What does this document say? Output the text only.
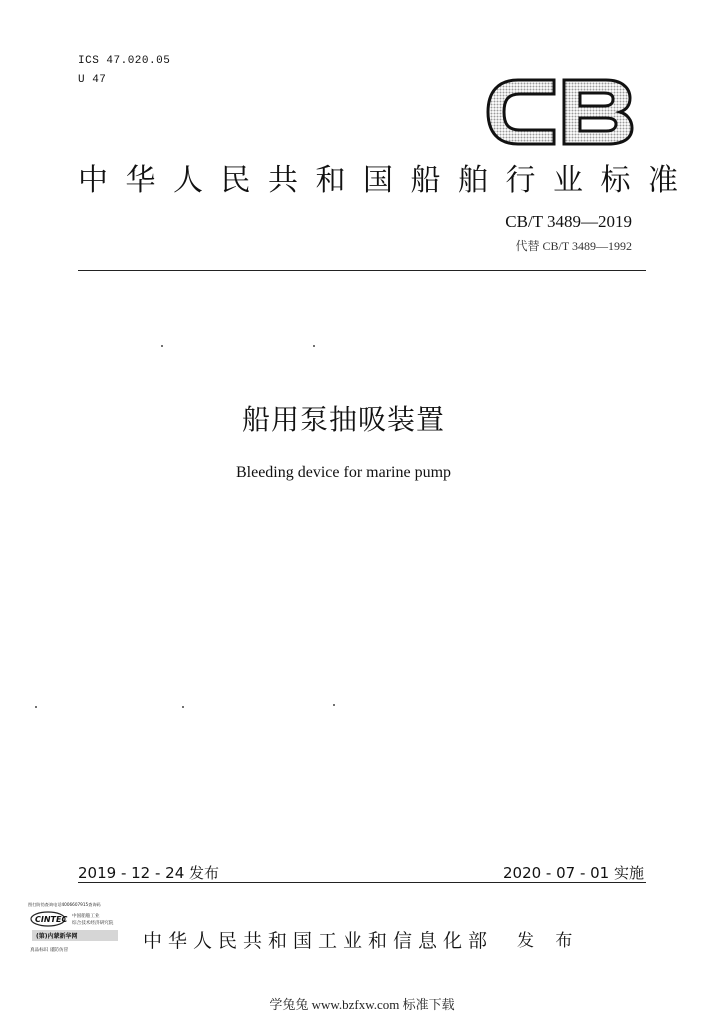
ICS 47.020.05
U 47
中华人民共和国船舶行业标准
CB/T 3489—2019
代替 CB/T 3489—1992
船用泵抽吸装置
Bleeding device for marine pump
2019 - 12 - 24 发布	2020 - 07 - 01 实施
图打防伪查询电话4006607915查询码
CINTEC 中国船舶工业
综合技术经济研究院
(第)内蒙新华网
真品标识 谨防仿冒	中华人民共和国工业和信息化部 发 布
学兔兔 www.bzfxw.com 标准下载
